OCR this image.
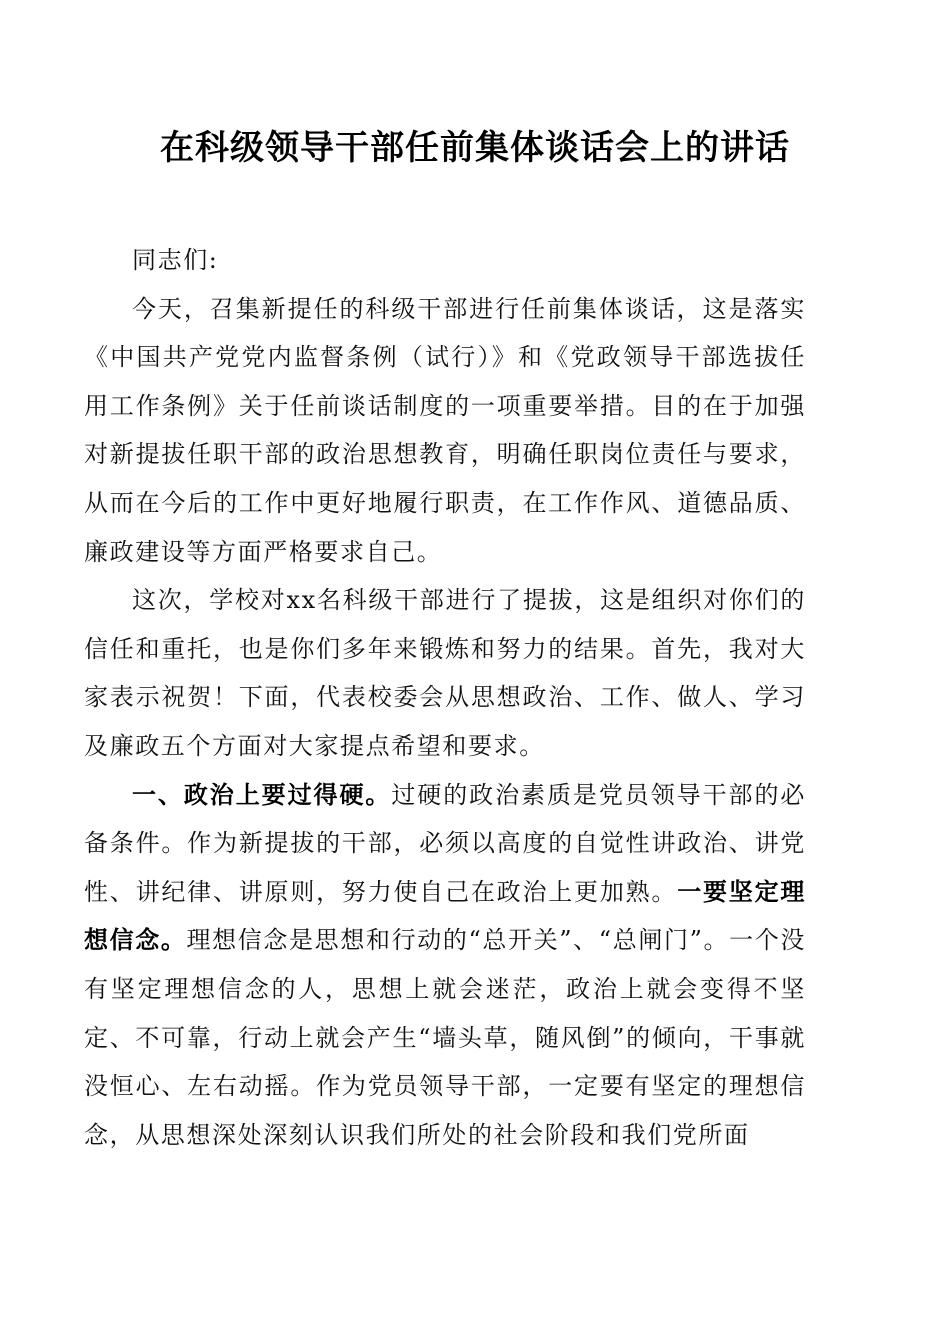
在科级领导干部任前集体谈话会上的讲话

同志们:

今天，召集新提任的科级干部进行任前集体谈话，这是落实《中国共产党党内监督条例（试行）》和《党政领导干部选拔任用工作条例》关于任前谈话制度的一项重要举措。目的在于加强对新提拔任职干部的政治思想教育，明确任职岗位责任与要求，从而在今后的工作中更好地履行职责，在工作作风、道德品质、廉政建设等方面严格要求自己。

这次，学校对xx名科级干部进行了提拔，这是组织对你们的信任和重托，也是你们多年来锻炼和努力的结果。首先，我对大家表示祝贺！下面，代表校委会从思想政治、工作、做人、学习及廉政五个方面对大家提点希望和要求。

一、政治上要过得硬。过硬的政治素质是党员领导干部的必备条件。作为新提拔的干部，必须以高度的自觉性讲政治、讲党性、讲纪律、讲原则，努力使自己在政治上更加熟。一要坚定理想信念。理想信念是思想和行动的“总开关”、“总闸门”。一个没有坚定理想信念的人，思想上就会迷茫，政治上就会变得不坚定、不可靠，行动上就会产生“墙头草，随风倒”的倾向，干事就没恒心、左右动摇。作为党员领导干部，一定要有坚定的理想信念，从思想深处深刻认识我们所处的社会阶段和我们党所面
